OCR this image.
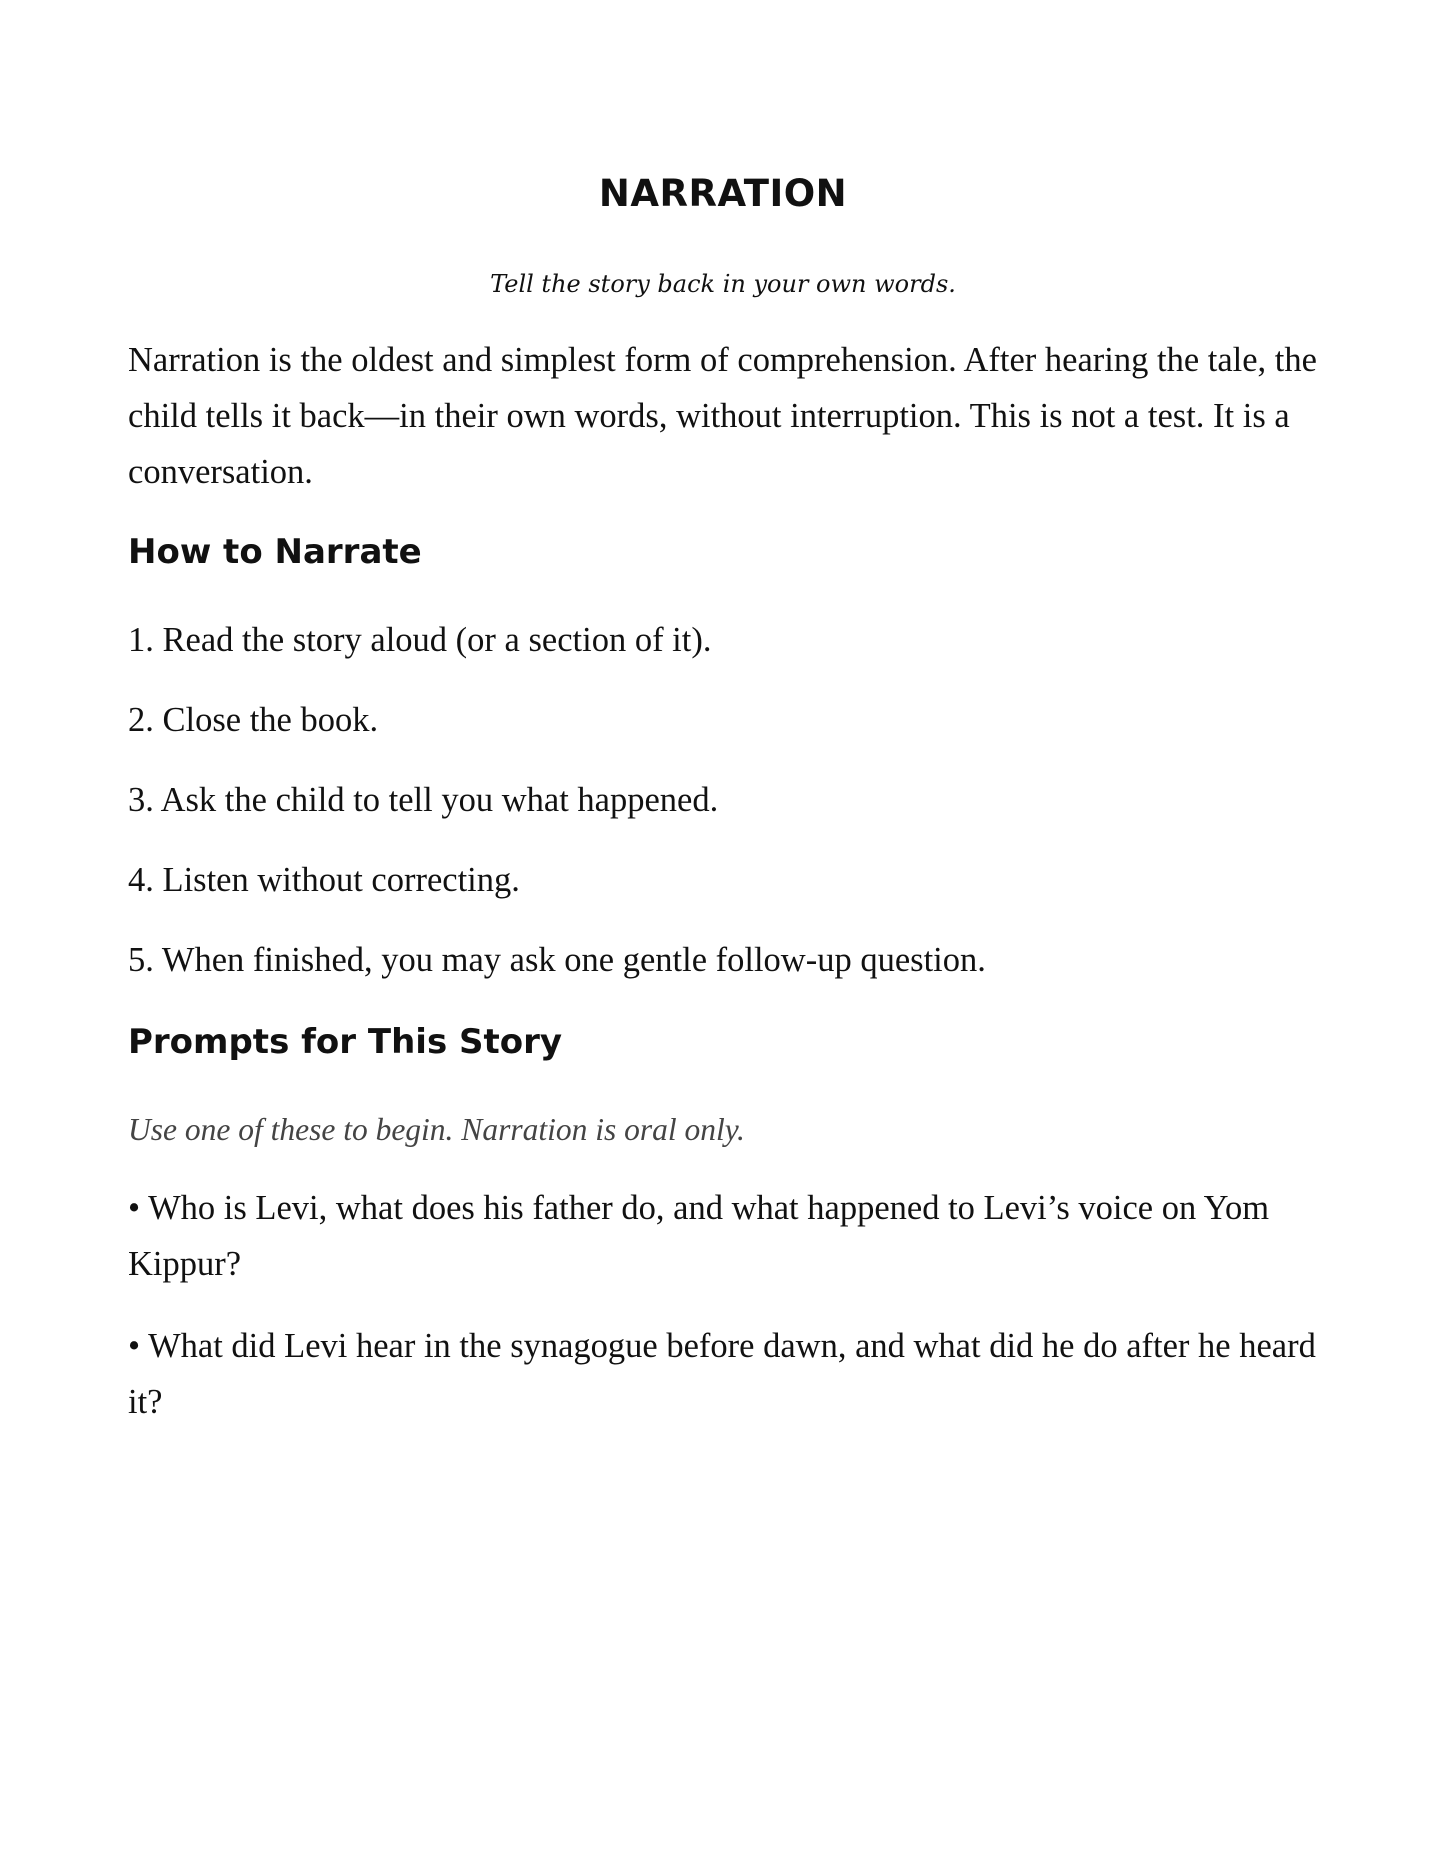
NARRATION

Tell the story back in your own words.

Narration is the oldest and simplest form of comprehension. After hearing the tale, the child tells it back—in their own words, without interruption. This is not a test. It is a conversation.

How to Narrate

1. Read the story aloud (or a section of it).

2. Close the book.

3. Ask the child to tell you what happened.

4. Listen without correcting.

5. When finished, you may ask one gentle follow-up question.

Prompts for This Story

Use one of these to begin. Narration is oral only.

• Who is Levi, what does his father do, and what happened to Levi’s voice on Yom Kippur?

• What did Levi hear in the synagogue before dawn, and what did he do after he heard it?
